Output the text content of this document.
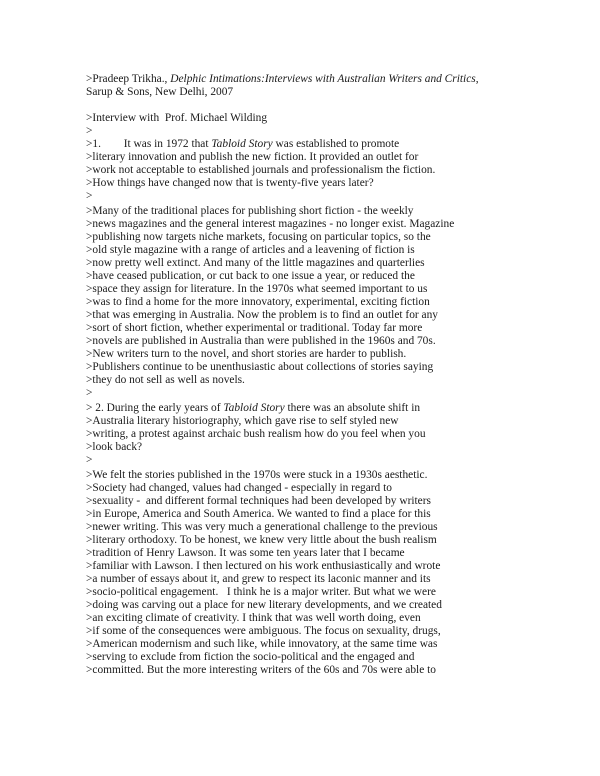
>Pradeep Trikha., Delphic Intimations:Interviews with Australian Writers and Critics,
Sarup & Sons, New Delhi, 2007
>Interview with  Prof. Michael Wilding
>
>1.        It was in 1972 that Tabloid Story was established to promote
>literary innovation and publish the new fiction. It provided an outlet for
>work not acceptable to established journals and professionalism the fiction.
>How things have changed now that is twenty-five years later?
>
>Many of the traditional places for publishing short fiction - the weekly
>news magazines and the general interest magazines - no longer exist. Magazine
>publishing now targets niche markets, focusing on particular topics, so the
>old style magazine with a range of articles and a leavening of fiction is
>now pretty well extinct. And many of the little magazines and quarterlies
>have ceased publication, or cut back to one issue a year, or reduced the
>space they assign for literature. In the 1970s what seemed important to us
>was to find a home for the more innovatory, experimental, exciting fiction
>that was emerging in Australia. Now the problem is to find an outlet for any
>sort of short fiction, whether experimental or traditional. Today far more
>novels are published in Australia than were published in the 1960s and 70s.
>New writers turn to the novel, and short stories are harder to publish.
>Publishers continue to be unenthusiastic about collections of stories saying
>they do not sell as well as novels.
>
> 2. During the early years of Tabloid Story there was an absolute shift in
>Australia literary historiography, which gave rise to self styled new
>writing, a protest against archaic bush realism how do you feel when you
>look back?
>
>We felt the stories published in the 1970s were stuck in a 1930s aesthetic.
>Society had changed, values had changed - especially in regard to
>sexuality -  and different formal techniques had been developed by writers
>in Europe, America and South America. We wanted to find a place for this
>newer writing. This was very much a generational challenge to the previous
>literary orthodoxy. To be honest, we knew very little about the bush realism
>tradition of Henry Lawson. It was some ten years later that I became
>familiar with Lawson. I then lectured on his work enthusiastically and wrote
>a number of essays about it, and grew to respect its laconic manner and its
>socio-political engagement.   I think he is a major writer. But what we were
>doing was carving out a place for new literary developments, and we created
>an exciting climate of creativity. I think that was well worth doing, even
>if some of the consequences were ambiguous. The focus on sexuality, drugs,
>American modernism and such like, while innovatory, at the same time was
>serving to exclude from fiction the socio-political and the engaged and
>committed. But the more interesting writers of the 60s and 70s were able to
